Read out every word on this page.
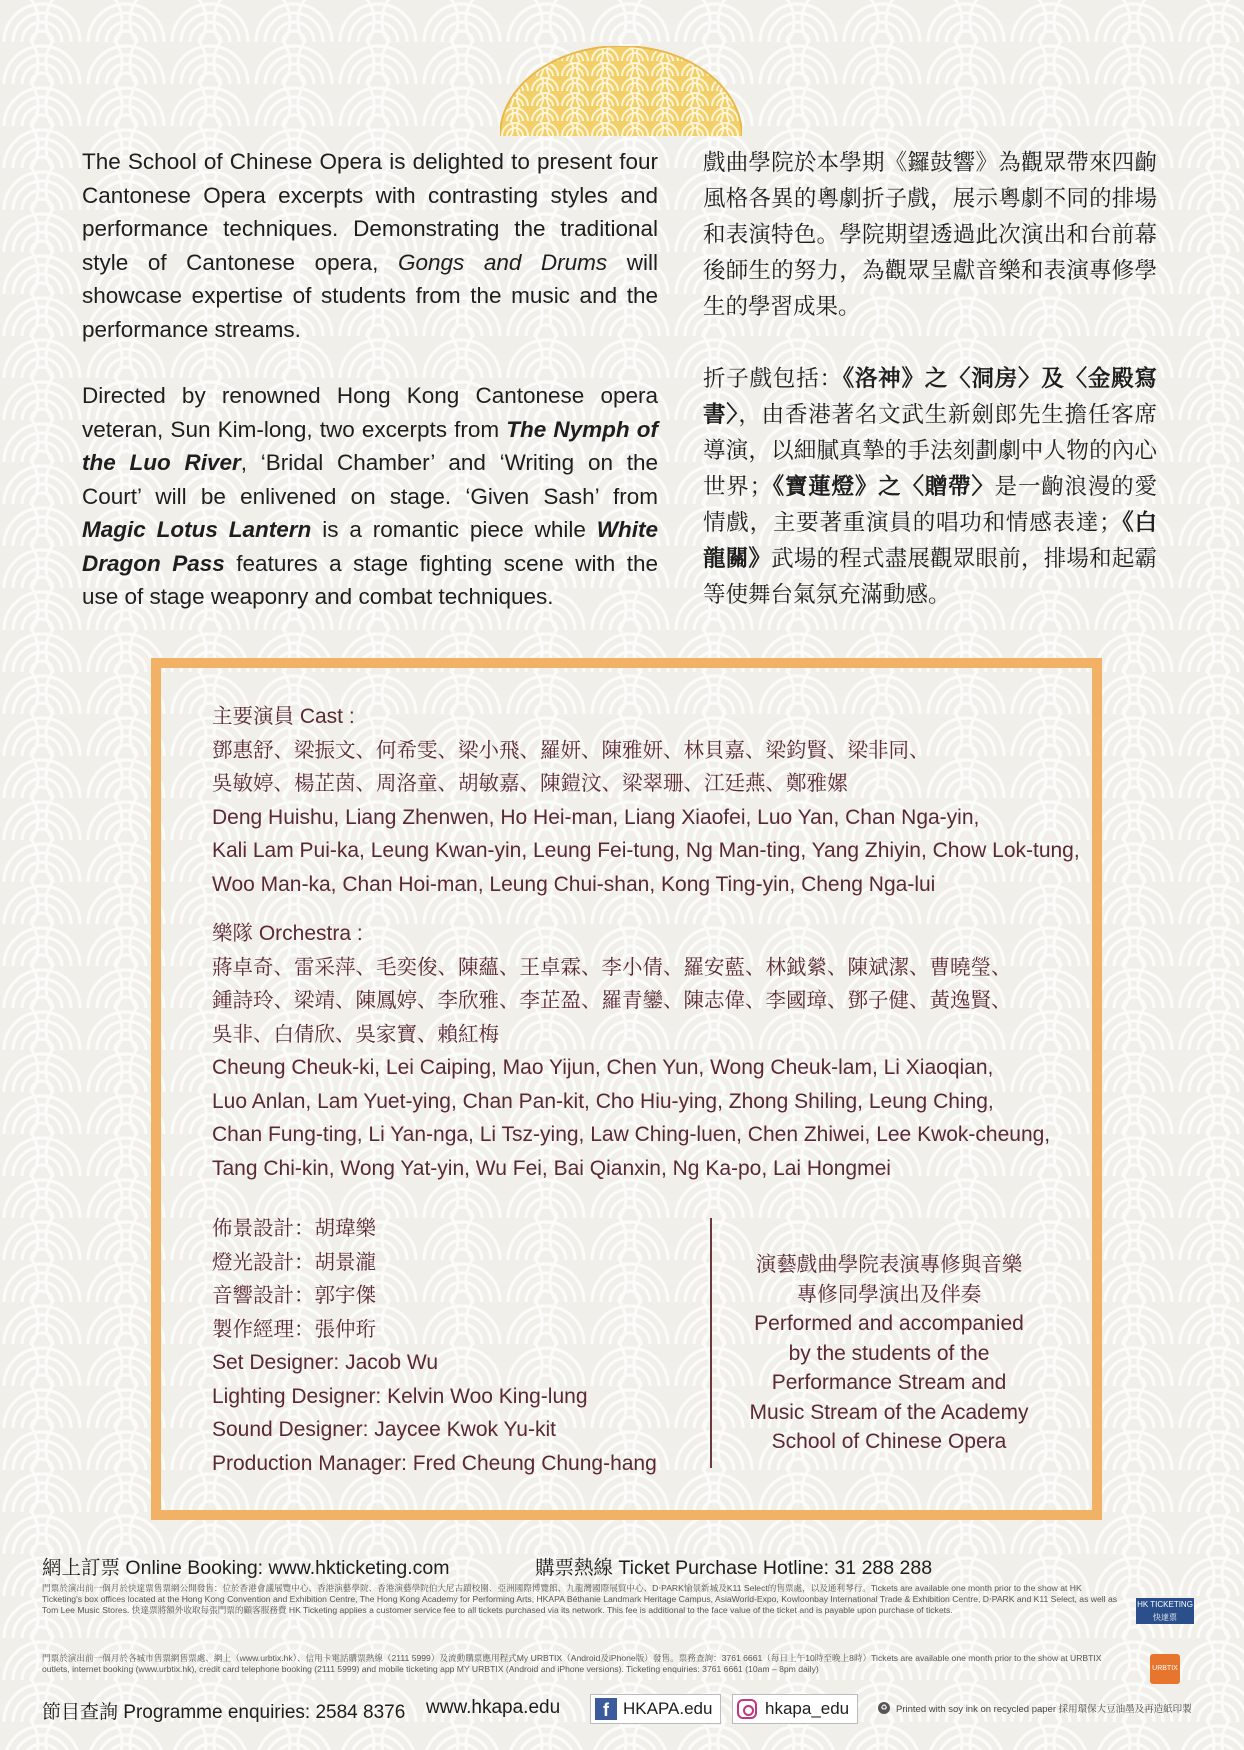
The School of Chinese Opera is delighted to present four Cantonese Opera excerpts with contrasting styles and performance techniques. Demonstrating the traditional style of Cantonese opera, Gongs and Drums will showcase expertise of students from the music and the performance streams.

Directed by renowned Hong Kong Cantonese opera veteran, Sun Kim-long, two excerpts from The Nymph of the Luo River, ‘Bridal Chamber’ and ‘Writing on the Court’ will be enlivened on stage. ‘Given Sash’ from Magic Lotus Lantern is a romantic piece while White Dragon Pass features a stage fighting scene with the use of stage weaponry and combat techniques.

戲曲學院於本學期《鑼鼓響》為觀眾帶來四齣風格各異的粵劇折子戲，展示粵劇不同的排場和表演特色。學院期望透過此次演出和台前幕後師生的努力，為觀眾呈獻音樂和表演專修學生的學習成果。

折子戲包括：《洛神》之〈洞房〉及〈金殿寫書〉，由香港著名文武生新劍郎先生擔任客席導演，以細膩真摯的手法刻劃劇中人物的內心世界；《寶蓮燈》之〈贈帶〉是一齣浪漫的愛情戲，主要著重演員的唱功和情感表達；《白龍關》武場的程式盡展觀眾眼前，排場和起霸等使舞台氣氛充滿動感。

主要演員 Cast :
鄧惠舒、梁振文、何希雯、梁小飛、羅妍、陳雅妍、林貝嘉、梁鈞賢、梁非同、
吳敏婷、楊芷茵、周洛童、胡敏嘉、陳鎧汶、梁翠珊、江廷燕、鄭雅嫘
Deng Huishu, Liang Zhenwen, Ho Hei-man, Liang Xiaofei, Luo Yan, Chan Nga-yin,
Kali Lam Pui-ka, Leung Kwan-yin, Leung Fei-tung, Ng Man-ting, Yang Zhiyin, Chow Lok-tung,
Woo Man-ka, Chan Hoi-man, Leung Chui-shan, Kong Ting-yin, Cheng Nga-lui
樂隊 Orchestra :
蔣卓奇、雷采萍、毛奕俊、陳蘊、王卓霖、李小倩、羅安藍、林鉞縈、陳斌潔、曹曉瑩、
鍾詩玲、梁靖、陳鳳婷、李欣雅、李芷盈、羅青鑾、陳志偉、李國璋、鄧子健、黃逸賢、
吳非、白倩欣、吳家寶、賴紅梅
Cheung Cheuk-ki, Lei Caiping, Mao Yijun, Chen Yun, Wong Cheuk-lam, Li Xiaoqian,
Luo Anlan, Lam Yuet-ying, Chan Pan-kit, Cho Hiu-ying, Zhong Shiling, Leung Ching,
Chan Fung-ting, Li Yan-nga, Li Tsz-ying, Law Ching-luen, Chen Zhiwei, Lee Kwok-cheung,
Tang Chi-kin, Wong Yat-yin, Wu Fei, Bai Qianxin, Ng Ka-po, Lai Hongmei
佈景設計：胡瑋樂
燈光設計：胡景瀧
音響設計：郭宇傑
製作經理：張仲珩
Set Designer: Jacob Wu
Lighting Designer: Kelvin Woo King-lung
Sound Designer: Jaycee Kwok Yu-kit
Production Manager: Fred Cheung Chung-hang
演藝戲曲學院表演專修與音樂
專修同學演出及伴奏
Performed and accompanied
by the students of the
Performance Stream and
Music Stream of the Academy
School of Chinese Opera
網上訂票 Online Booking: www.hkticketing.com	購票熱線 Ticket Purchase Hotline: 31 288 288
門票於演出前一個月於快達票售票網公開發售：位於香港會議展覽中心、香港演藝學院、香港演藝學院伯大尼古蹟校園、亞洲國際博覽館、九龍灣國際展貿中心、D‧PARK愉景新城及K11 Select的售票處，以及通利琴行。Tickets are available one month prior to the show at HK Ticketing's box offices located at the Hong Kong Convention and Exhibition Centre, The Hong Kong Academy for Performing Arts, HKAPA Béthanie Landmark Heritage Campus, AsiaWorld-Expo, Kowloonbay International Trade & Exhibition Centre, D‧PARK and K11 Select, as well as Tom Lee Music Stores. 快達票將額外收取每張門票的顧客服務費 HK Ticketing applies a customer service fee to all tickets purchased via its network. This fee is additional to the face value of the ticket and is payable upon purchase of tickets.
HK TICKETING 快達票
門票於演出前一個月於各城市售票網售票處、網上（www.urbtix.hk）、信用卡電話購票熱線（2111 5999）及流動購票應用程式My URBTIX（Android及iPhone版）發售。票務查詢：3761 6661（每日上午10時至晚上8時）Tickets are available one month prior to the show at URBTIX outlets, internet booking (www.urbtix.hk), credit card telephone booking (2111 5999) and mobile ticketing app MY URBTIX (Android and iPhone versions). Ticketing enquiries: 3761 6661 (10am – 8pm daily)	URBTIX
節目查詢 Programme enquiries: 2584 8376 www.hkapa.edu	f HKAPA.edu	hkapa_edu	♻ Printed with soy ink on recycled paper 採用環保大豆油墨及再造紙印製
